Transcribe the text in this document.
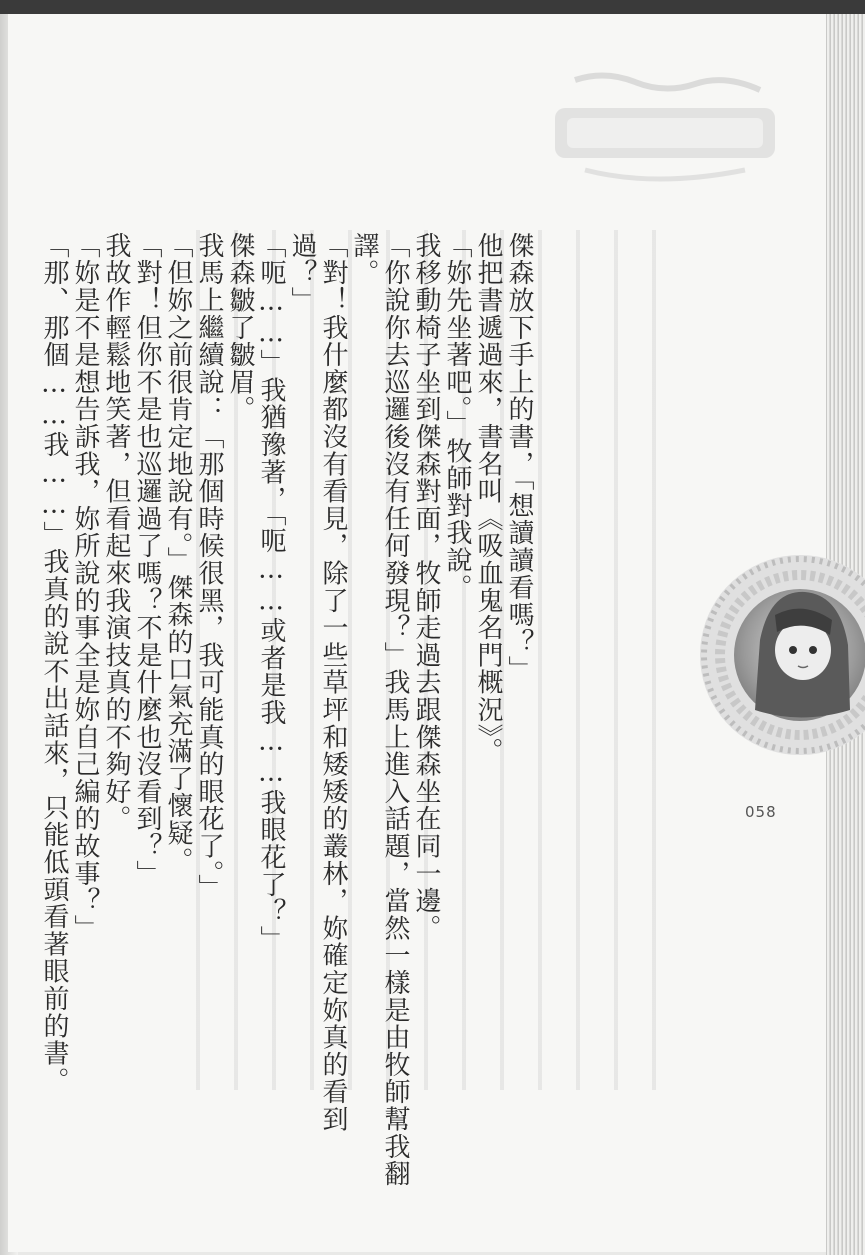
傑森放下手上的書，「想讀讀看嗎？」
他把書遞過來，書名叫《吸血鬼名門概況》。
「妳先坐著吧。」牧師對我說。
我移動椅子坐到傑森對面，牧師走過去跟傑森坐在同一邊。
「你說你去巡邏後沒有任何發現？」我馬上進入話題，當然一樣是由牧師幫我翻
譯。
「對！我什麼都沒有看見，除了一些草坪和矮矮的叢林，妳確定妳真的看到
過？」
「呃……」我猶豫著，「呃……或者是我……我眼花了？」
傑森皺了皺眉。
我馬上繼續說：「那個時候很黑，我可能真的眼花了。」
「但妳之前很肯定地說有。」傑森的口氣充滿了懷疑。
「對！但你不是也巡邏過了嗎？不是什麼也沒看到？」
我故作輕鬆地笑著，但看起來我演技真的不夠好。
「妳是不是想告訴我，妳所說的事全是妳自己編的故事？」
「那、那個……我……」我真的說不出話來，只能低頭看著眼前的書。	058
